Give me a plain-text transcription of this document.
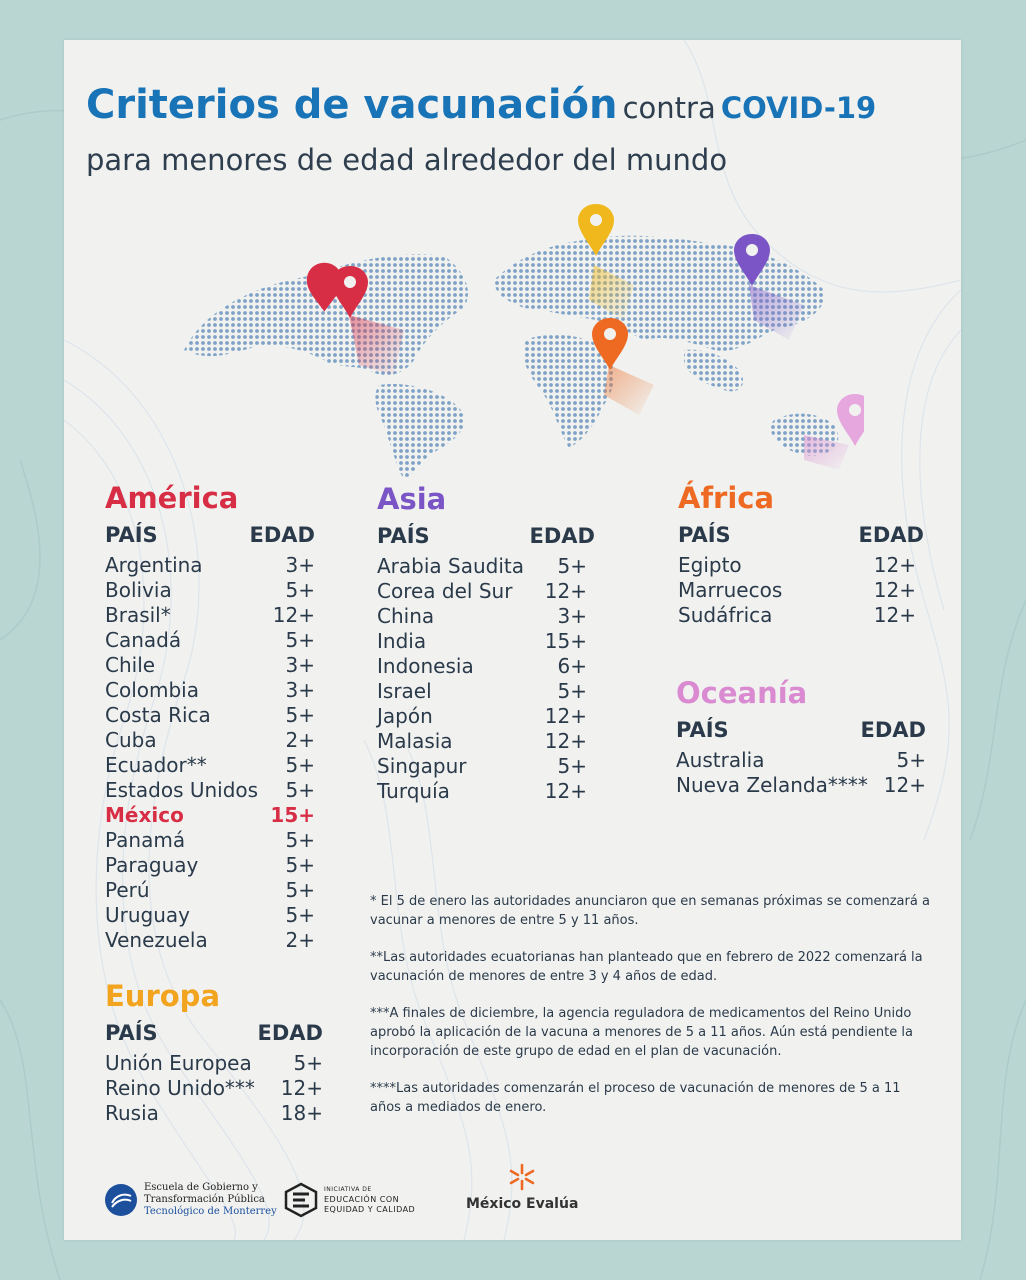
Criterios de vacunación contra COVID-19
para menores de edad alrededor del mundo
América
PAÍS	EDAD
Argentina	3+
Bolivia	5+
Brasil*	12+
Canadá	5+
Chile	3+
Colombia	3+
Costa Rica	5+
Cuba	2+
Ecuador**	5+
Estados Unidos 5+
México	15+
Panamá	5+
Paraguay	5+
Perú	5+
Uruguay	5+
Venezuela	2+
Europa
PAÍS	EDAD
Unión Europea 5+
Reino Unido*** 12+
Rusia	18+
Asia
PAÍS	EDAD
Arabia Saudita 5+
Corea del Sur 12+
China	3+
India	15+
Indonesia	6+
Israel	5+
Japón	12+
Malasia	12+
Singapur	5+
Turquía	12+
África
PAÍS	EDAD
Egipto	12+
Marruecos	12+
Sudáfrica	12+
Oceanía
PAÍS	EDAD
Australia	5+
Nueva Zelanda**** 12+
* El 5 de enero las autoridades anunciaron que en semanas próximas se comenzará a vacunar a menores de entre 5 y 11 años.
**Las autoridades ecuatorianas han planteado que en febrero de 2022 comenzará la vacunación de menores de entre 3 y 4 años de edad.
***A finales de diciembre, la agencia reguladora de medicamentos del Reino Unido aprobó la aplicación de la vacuna a menores de 5 a 11 años. Aún está pendiente la incorporación de este grupo de edad en el plan de vacunación.
****Las autoridades comenzarán el proceso de vacunación de menores de 5 a 11 años a mediados de enero.
Escuela de Gobierno y
Transformación Pública
Tecnológico de Monterrey
INICIATIVA DE
EDUCACIÓN CON
EQUIDAD Y CALIDAD	México Evalúa
